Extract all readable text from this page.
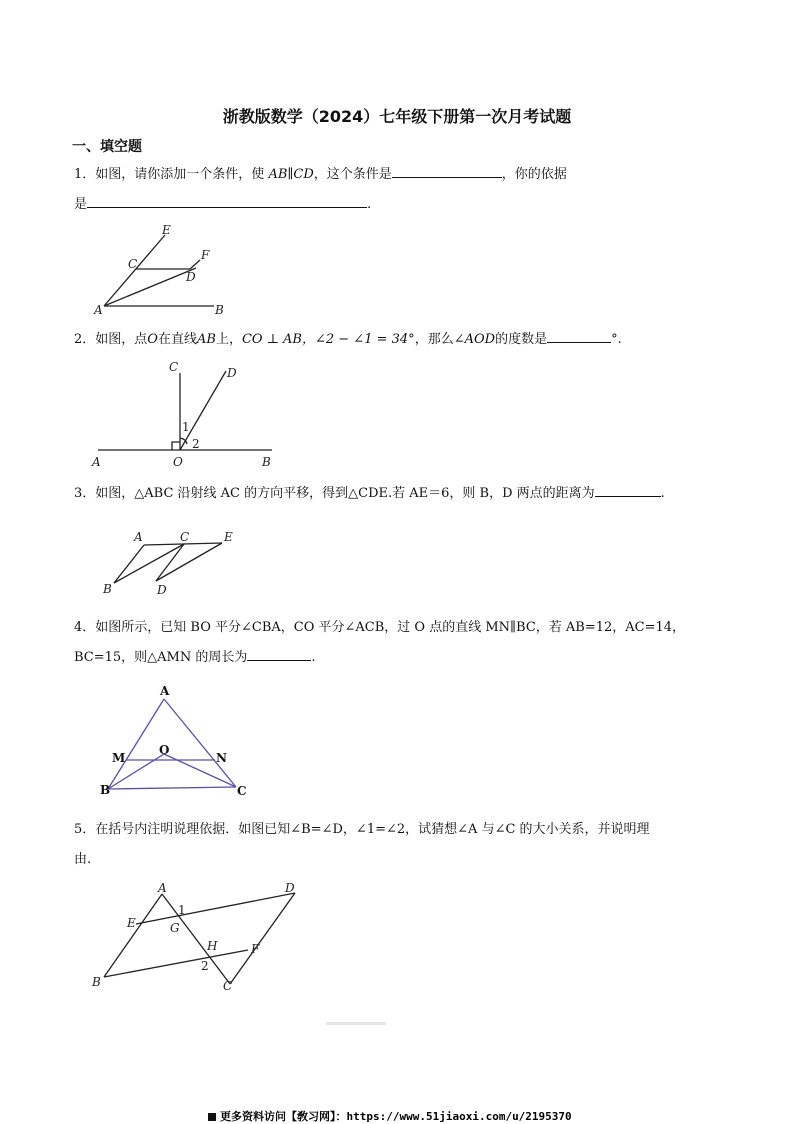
浙教版数学（2024）七年级下册第一次月考试题
一、填空题
1．如图，请你添加一个条件，使 AB∥CD，这个条件是	，你的依据
是	.
E
C
F
D
A	B
2．如图，点O在直线AB上，CO ⊥ AB，∠2 − ∠1 = 34°，那么∠AOD的度数是	°.
C	D
1
2
A	O	B
3．如图，△ABC 沿射线 AC 的方向平移，得到△CDE.若 AE＝6，则 B，D 两点的距离为	.
A	C	E
B	D
4．如图所示，已知 BO 平分∠CBA，CO 平分∠ACB，过 O 点的直线 MN∥BC，若 AB=12，AC=14，
BC=15，则△AMN 的周长为	.
A
M
O
N
B	C
5．在括号内注明说理依据．如图已知∠B=∠D，∠1=∠2，试猜想∠A 与∠C 的大小关系，并说明理
由.
A	D
E
1
G
H	F
2
B	C
更多资料访问【敎习网】：https://www.51jiaoxi.com/u/2195370
